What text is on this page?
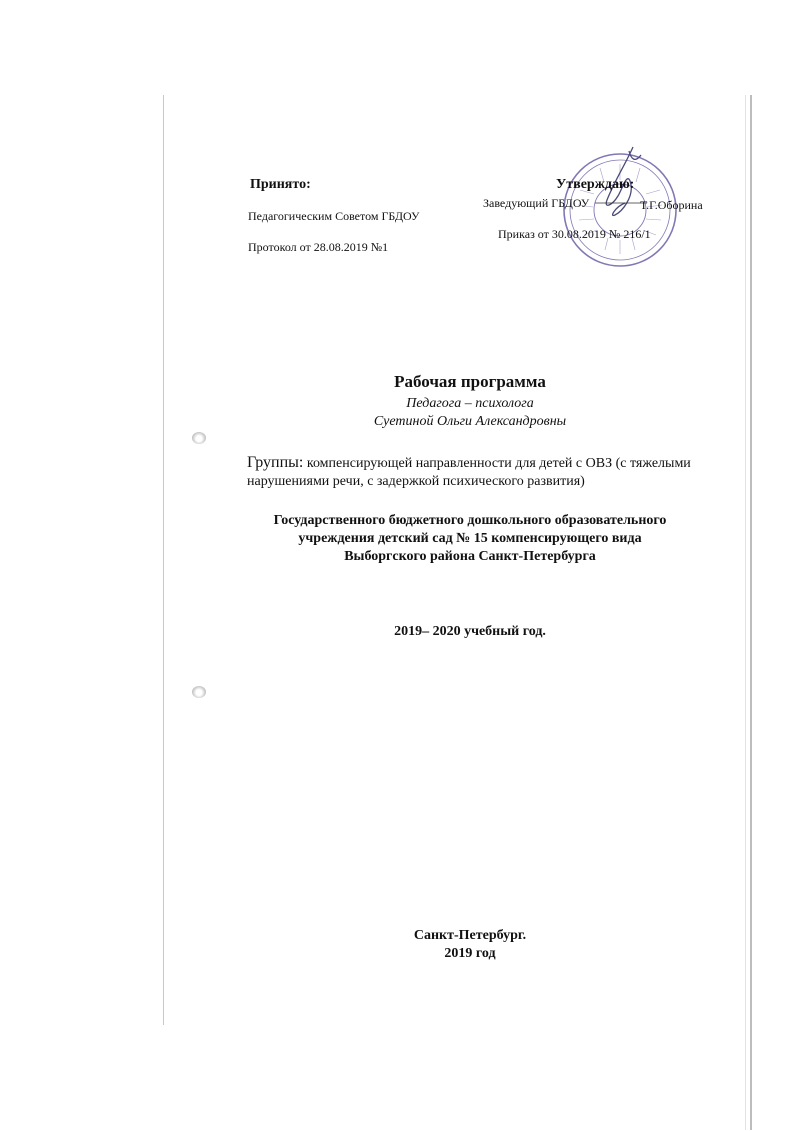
Принято:
Педагогическим Советом ГБДОУ
Протокол от 28.08.2019 №1
Утверждаю:
Заведующий ГБДОУ	Т.Г.Оборина
Приказ от 30.08.2019 № 216/1
Рабочая программа
Педагога – психолога
Суетиной Ольги Александровны
Группы: компенсирующей направленности для детей с ОВЗ (с тяжелыми
нарушениями речи, с задержкой психического развития)
Государственного бюджетного дошкольного образовательного
учреждения детский сад № 15 компенсирующего вида
Выборгского района Санкт-Петербурга
2019– 2020 учебный год.
Санкт-Петербург.
2019 год
